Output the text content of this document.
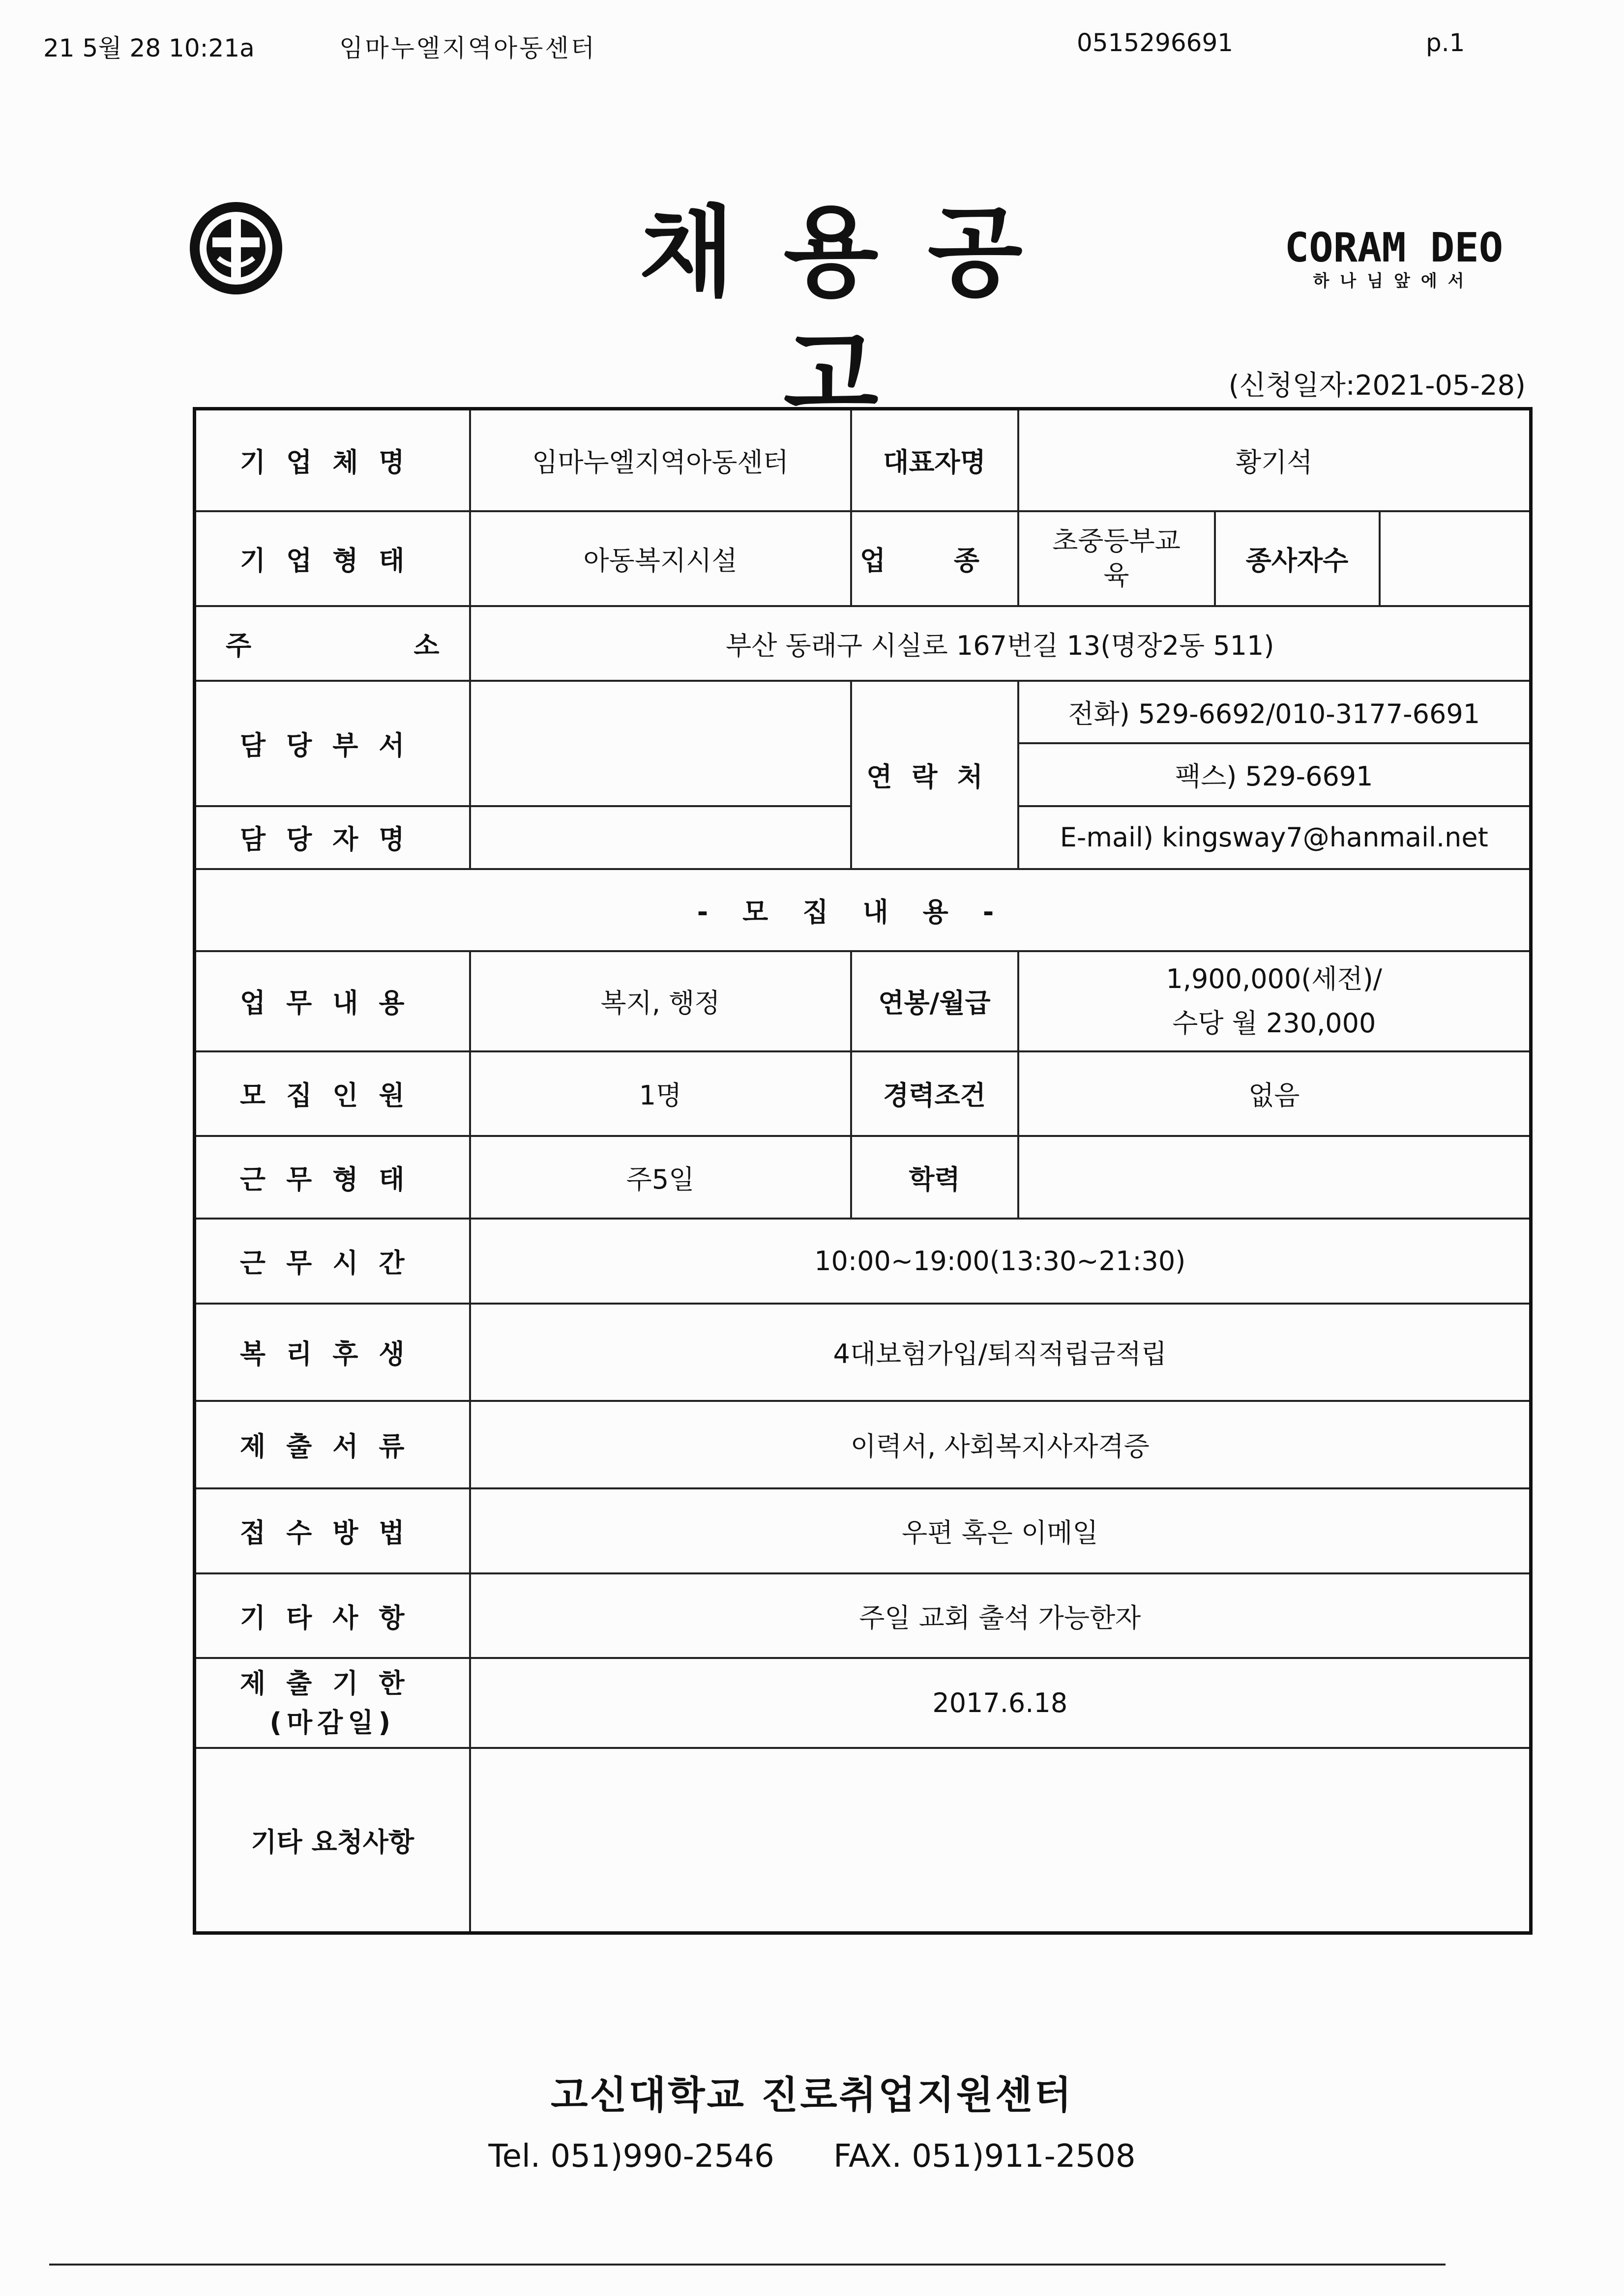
21 5월 28 10:21a	임마누엘지역아동센터	0515296691	p.1
채용공고
CORAM DEO
하나님앞에서
(신청일자:2021-05-28)
기업체명	임마누엘지역아동센터	대표자명	황기석		
기업형태	아동복지시설	업 종	초중등부교육	종사자수	

주 소	부산 동래구 시실로 167번길 13(명장2동 511)				
담당부서		연락처	전화) 529-6692/010-3177-6691		
			팩스) 529-6691		
담당자명			E-mail) kingsway7@hanmail.net		

-모집내용-					
업무내용	복지, 행정	연봉/월급	1,900,000(세전)/
수당 월 230,000		

모집인원	1명	경력조건	없음		
근무형태	주5일	학력			
근무시간	10:00~19:00(13:30~21:30)				
복리후생	4대보험가입/퇴직적립금적립				
제출서류	이력서, 사회복지사자격증				
접수방법	우편 혹은 이메일				
기타사항	주일 교회 출석 가능한자				

제출기한
(마감일)	2017.6.18				
기타 요청사항					
고신대학교 진로취업지원센터
Tel. 051)990-2546 FAX. 051)911-2508
